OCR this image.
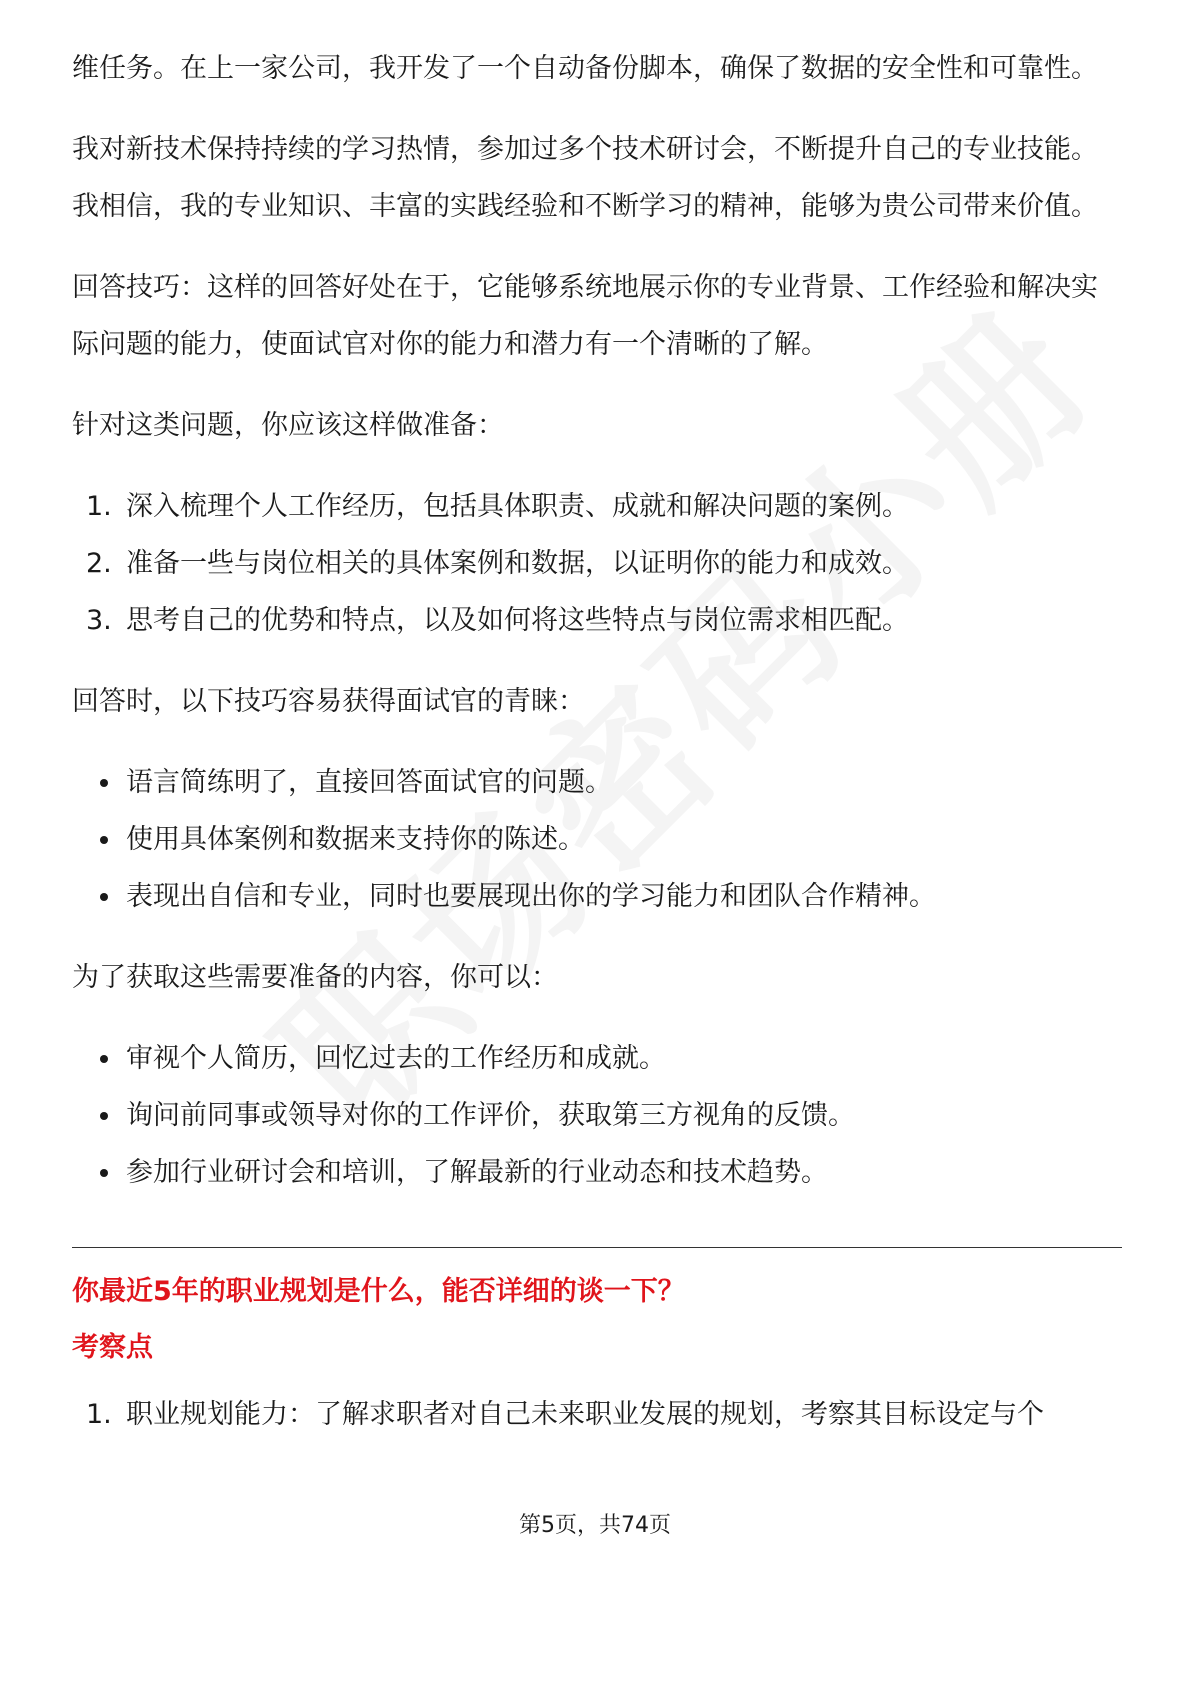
维任务。在上一家公司，我开发了一个自动备份脚本，确保了数据的安全性和可靠性。

我对新技术保持持续的学习热情，参加过多个技术研讨会，不断提升自己的专业技能。我相信，我的专业知识、丰富的实践经验和不断学习的精神，能够为贵公司带来价值。

回答技巧：这样的回答好处在于，它能够系统地展示你的专业背景、工作经验和解决实际问题的能力，使面试官对你的能力和潜力有一个清晰的了解。

针对这类问题，你应该这样做准备：

1. 深入梳理个人工作经历，包括具体职责、成就和解决问题的案例。
2. 准备一些与岗位相关的具体案例和数据，以证明你的能力和成效。
3. 思考自己的优势和特点，以及如何将这些特点与岗位需求相匹配。

回答时，以下技巧容易获得面试官的青睐：

语言简练明了，直接回答面试官的问题。
使用具体案例和数据来支持你的陈述。
表现出自信和专业，同时也要展现出你的学习能力和团队合作精神。

为了获取这些需要准备的内容，你可以：

审视个人简历，回忆过去的工作经历和成就。
询问前同事或领导对你的工作评价，获取第三方视角的反馈。
参加行业研讨会和培训，了解最新的行业动态和技术趋势。
你最近5年的职业规划是什么，能否详细的谈一下？
考察点
1. 职业规划能力：了解求职者对自己未来职业发展的规划，考察其目标设定与个
第5页，共74页
